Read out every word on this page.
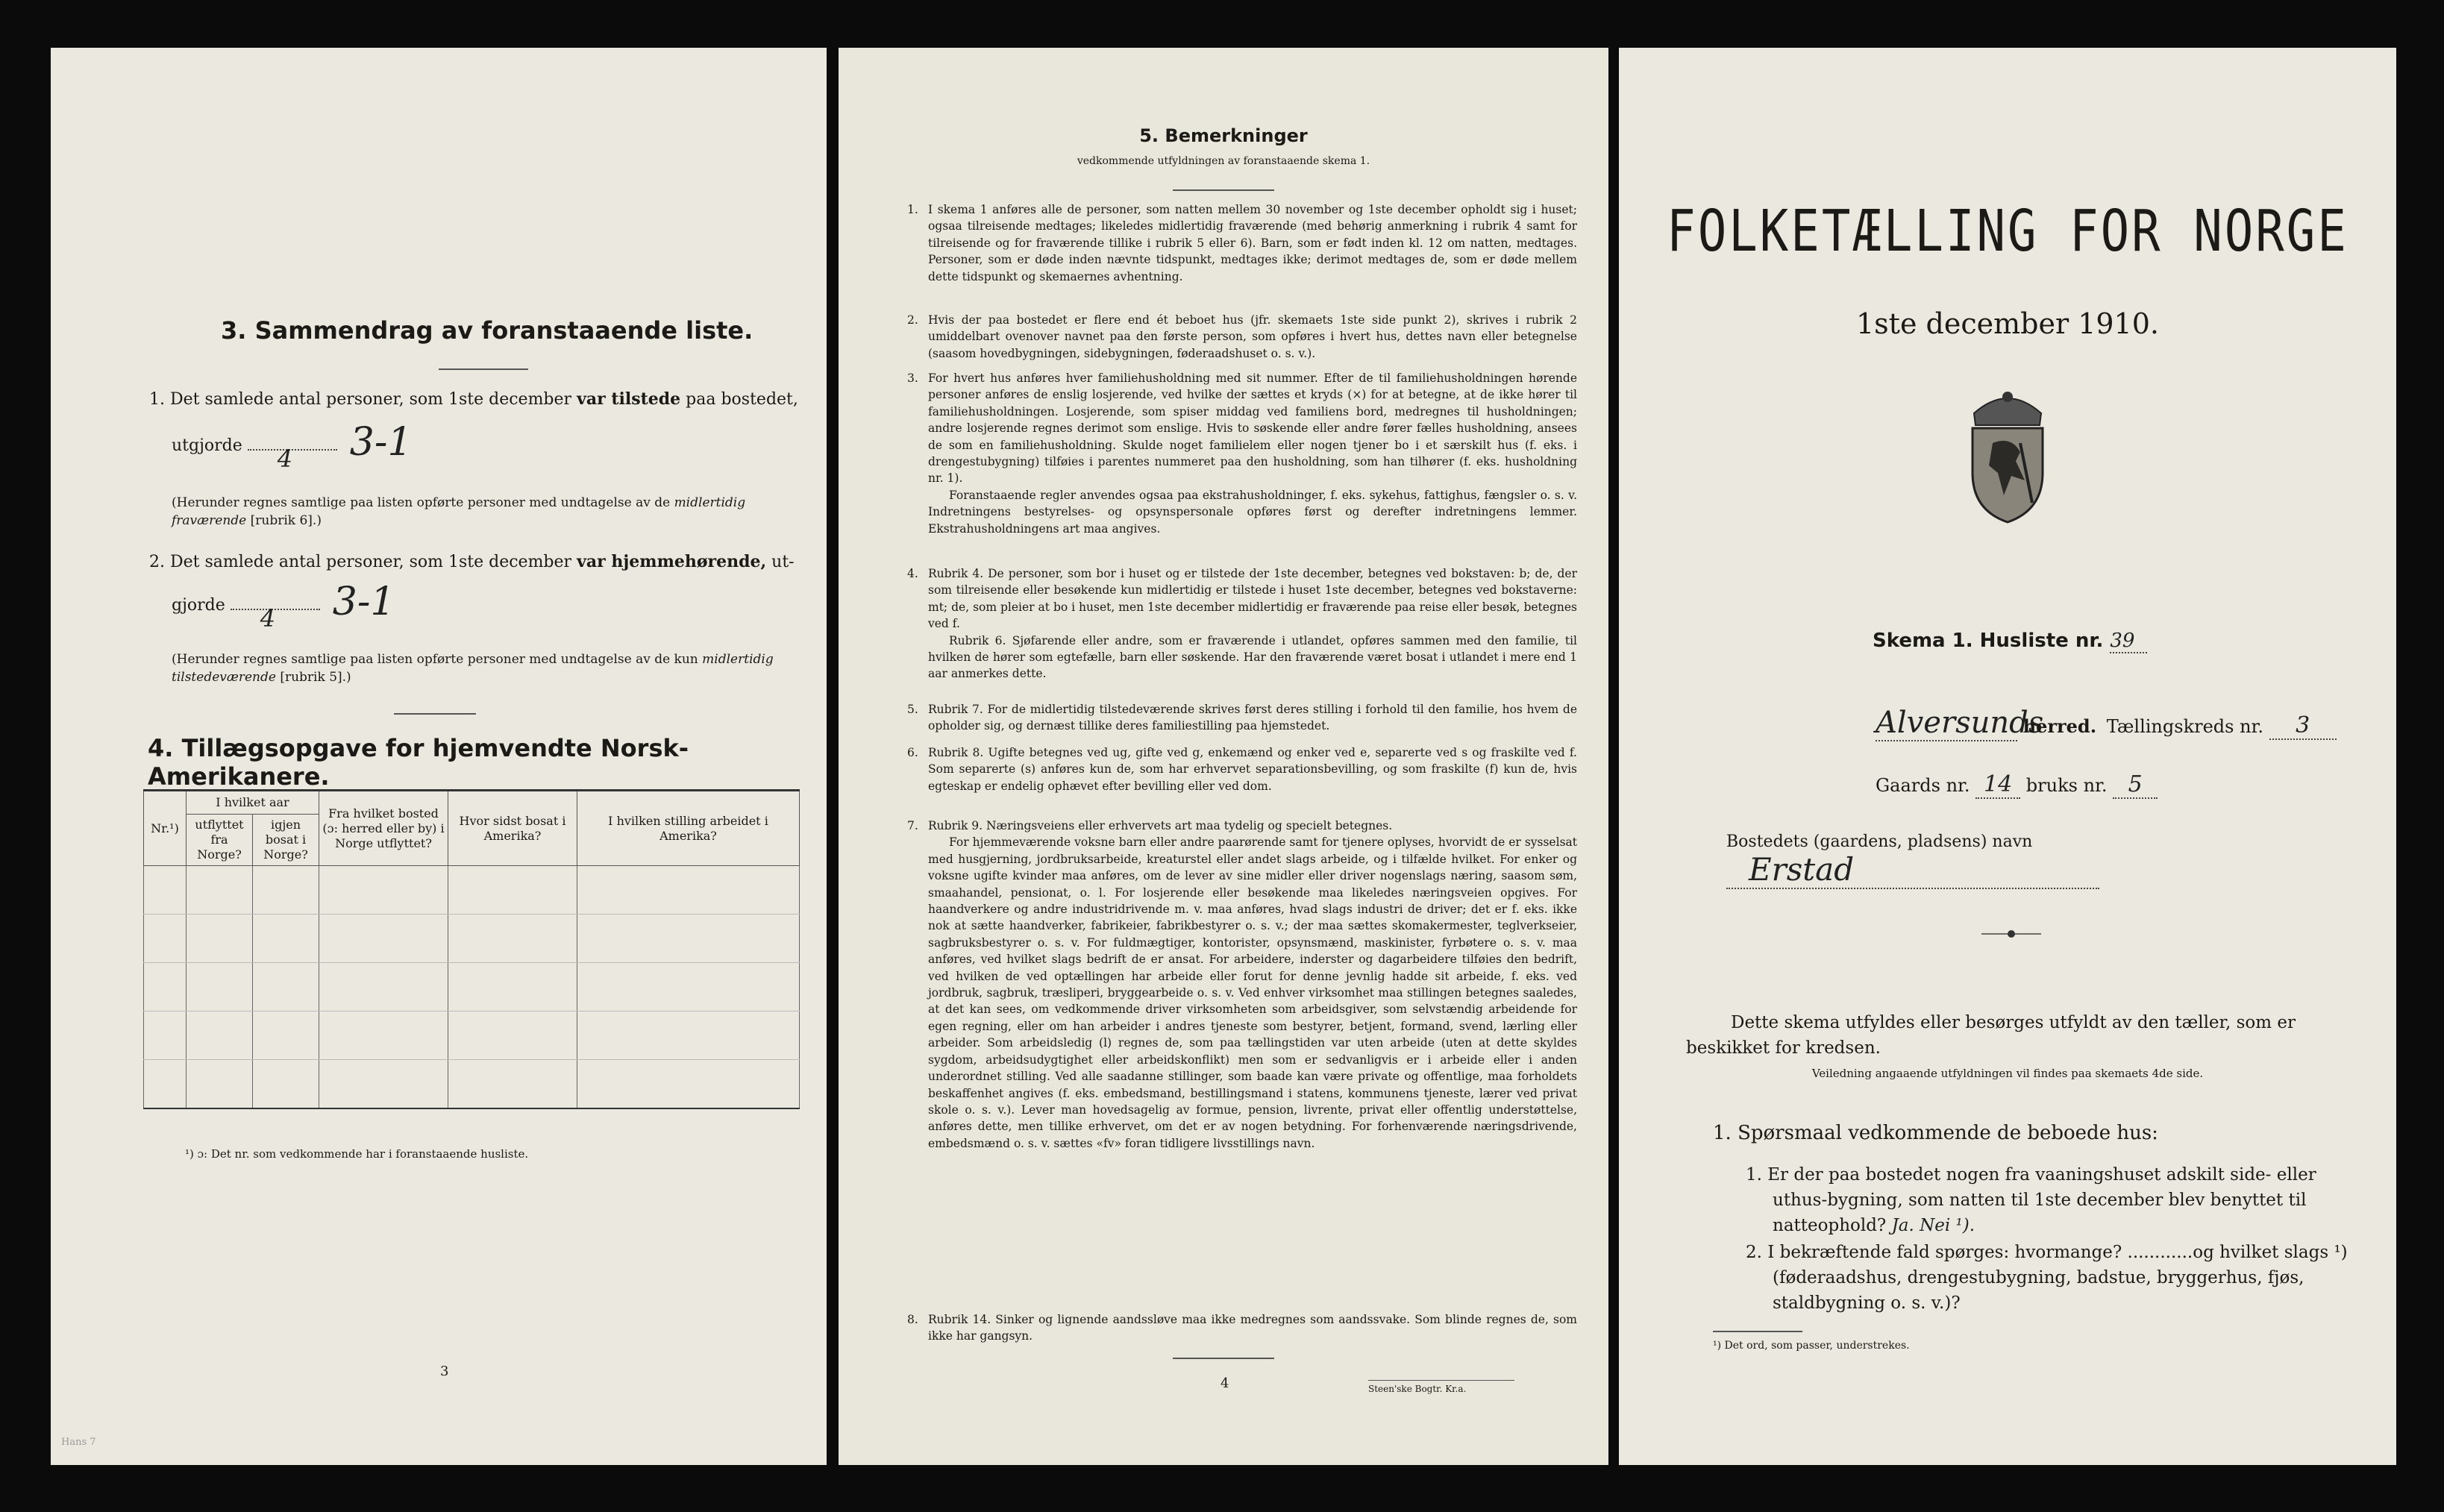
3. Sammendrag av foranstaaende liste.
1. Det samlede antal personer, som 1ste december var tilstede paa bostedet,
utgjorde 4 3-1
(Herunder regnes samtlige paa listen opførte personer med undtagelse av de midlertidig fraværende [rubrik 6].)
2. Det samlede antal personer, som 1ste december var hjemmehørende, ut-
gjorde 4 3-1
(Herunder regnes samtlige paa listen opførte personer med undtagelse av de kun midlertidig tilstedeværende [rubrik 5].)
4. Tillægsopgave for hjemvendte Norsk-Amerikanere.
Nr.¹)	I hvilket aar		Fra hvilket bosted (ɔ: herred eller by) i Norge utflyttet?	Hvor sidst bosat i Amerika?	I hvilken stilling arbeidet i Amerika?
	utflyttet fra Norge?	igjen bosat i Norge?			

¹) ɔ: Det nr. som vedkommende har i foranstaaende husliste.
3
Hans 7
5. Bemerkninger
vedkommende utfyldningen av foranstaaende skema 1.
1. I skema 1 anføres alle de personer, som natten mellem 30 november og 1ste december opholdt sig i huset; ogsaa tilreisende medtages; likeledes midlertidig fraværende (med behørig anmerkning i rubrik 4 samt for tilreisende og for fraværende tillike i rubrik 5 eller 6). Barn, som er født inden kl. 12 om natten, medtages. Personer, som er døde inden nævnte tidspunkt, medtages ikke; derimot medtages de, som er døde mellem dette tidspunkt og skemaernes avhentning.

2. Hvis der paa bostedet er flere end ét beboet hus (jfr. skemaets 1ste side punkt 2), skrives i rubrik 2 umiddelbart ovenover navnet paa den første person, som opføres i hvert hus, dettes navn eller betegnelse (saasom hovedbygningen, sidebygningen, føderaadshuset o. s. v.).

3. For hvert hus anføres hver familiehusholdning med sit nummer. Efter de til familiehusholdningen hørende personer anføres de enslig losjerende, ved hvilke der sættes et kryds (×) for at betegne, at de ikke hører til familiehusholdningen. Losjerende, som spiser middag ved familiens bord, medregnes til husholdningen; andre losjerende regnes derimot som enslige. Hvis to søskende eller andre fører fælles husholdning, ansees de som en familiehusholdning. Skulde noget familielem eller nogen tjener bo i et særskilt hus (f. eks. i drengestubygning) tilføies i parentes nummeret paa den husholdning, som han tilhører (f. eks. husholdning nr. 1).

Foranstaaende regler anvendes ogsaa paa ekstrahusholdninger, f. eks. sykehus, fattighus, fængsler o. s. v. Indretningens bestyrelses- og opsynspersonale opføres først og derefter indretningens lemmer. Ekstrahusholdningens art maa angives.

4. Rubrik 4. De personer, som bor i huset og er tilstede der 1ste december, betegnes ved bokstaven: b; de, der som tilreisende eller besøkende kun midlertidig er tilstede i huset 1ste december, betegnes ved bokstaverne: mt; de, som pleier at bo i huset, men 1ste december midlertidig er fraværende paa reise eller besøk, betegnes ved f.

Rubrik 6. Sjøfarende eller andre, som er fraværende i utlandet, opføres sammen med den familie, til hvilken de hører som egtefælle, barn eller søskende. Har den fraværende været bosat i utlandet i mere end 1 aar anmerkes dette.

5. Rubrik 7. For de midlertidig tilstedeværende skrives først deres stilling i forhold til den familie, hos hvem de opholder sig, og dernæst tillike deres familiestilling paa hjemstedet.

6. Rubrik 8. Ugifte betegnes ved ug, gifte ved g, enkemænd og enker ved e, separerte ved s og fraskilte ved f. Som separerte (s) anføres kun de, som har erhvervet separationsbevilling, og som fraskilte (f) kun de, hvis egteskap er endelig ophævet efter bevilling eller ved dom.

7. Rubrik 9. Næringsveiens eller erhvervets art maa tydelig og specielt betegnes.

For hjemmeværende voksne barn eller andre paarørende samt for tjenere oplyses, hvorvidt de er sysselsat med husgjerning, jordbruksarbeide, kreaturstel eller andet slags arbeide, og i tilfælde hvilket. For enker og voksne ugifte kvinder maa anføres, om de lever av sine midler eller driver nogenslags næring, saasom søm, smaahandel, pensionat, o. l. For losjerende eller besøkende maa likeledes næringsveien opgives. For haandverkere og andre industridrivende m. v. maa anføres, hvad slags industri de driver; det er f. eks. ikke nok at sætte haandverker, fabrikeier, fabrikbestyrer o. s. v.; der maa sættes skomakermester, teglverkseier, sagbruksbestyrer o. s. v. For fuldmægtiger, kontorister, opsynsmænd, maskinister, fyrbøtere o. s. v. maa anføres, ved hvilket slags bedrift de er ansat. For arbeidere, inderster og dagarbeidere tilføies den bedrift, ved hvilken de ved optællingen har arbeide eller forut for denne jevnlig hadde sit arbeide, f. eks. ved jordbruk, sagbruk, træsliperi, bryggearbeide o. s. v. Ved enhver virksomhet maa stillingen betegnes saaledes, at det kan sees, om vedkommende driver virksomheten som arbeidsgiver, som selvstændig arbeidende for egen regning, eller om han arbeider i andres tjeneste som bestyrer, betjent, formand, svend, lærling eller arbeider. Som arbeidsledig (l) regnes de, som paa tællingstiden var uten arbeide (uten at dette skyldes sygdom, arbeidsudygtighet eller arbeidskonflikt) men som er sedvanligvis er i arbeide eller i anden underordnet stilling. Ved alle saadanne stillinger, som baade kan være private og offentlige, maa forholdets beskaffenhet angives (f. eks. embedsmand, bestillingsmand i statens, kommunens tjeneste, lærer ved privat skole o. s. v.). Lever man hovedsagelig av formue, pension, livrente, privat eller offentlig understøttelse, anføres dette, men tillike erhvervet, om det er av nogen betydning. For forhenværende næringsdrivende, embedsmænd o. s. v. sættes «fv» foran tidligere livsstillings navn.

8. Rubrik 14. Sinker og lignende aandssløve maa ikke medregnes som aandssvake. Som blinde regnes de, som ikke har gangsyn.

4	Steen'ske Bogtr. Kr.a.
FOLKETÆLLING FOR NORGE
1ste december 1910.
Skema 1. Husliste nr. 39
Alversunds herred. Tællingskreds nr. 3
Gaards nr. 14 bruks nr. 5
Bostedets (gaardens, pladsens) navn Erstad
Dette skema utfyldes eller besørges utfyldt av den tæller, som er beskikket for kredsen.
Veiledning angaaende utfyldningen vil findes paa skemaets 4de side.
1. Spørsmaal vedkommende de beboede hus:
1. Er der paa bostedet nogen fra vaaningshuset adskilt side- eller uthus-bygning, som natten til 1ste december blev benyttet til natteophold? Ja. Nei ¹).
2. I bekræftende fald spørges: hvormange? ............og hvilket slags ¹) (føderaadshus, drengestubygning, badstue, bryggerhus, fjøs, staldbygning o. s. v.)?
¹) Det ord, som passer, understrekes.
